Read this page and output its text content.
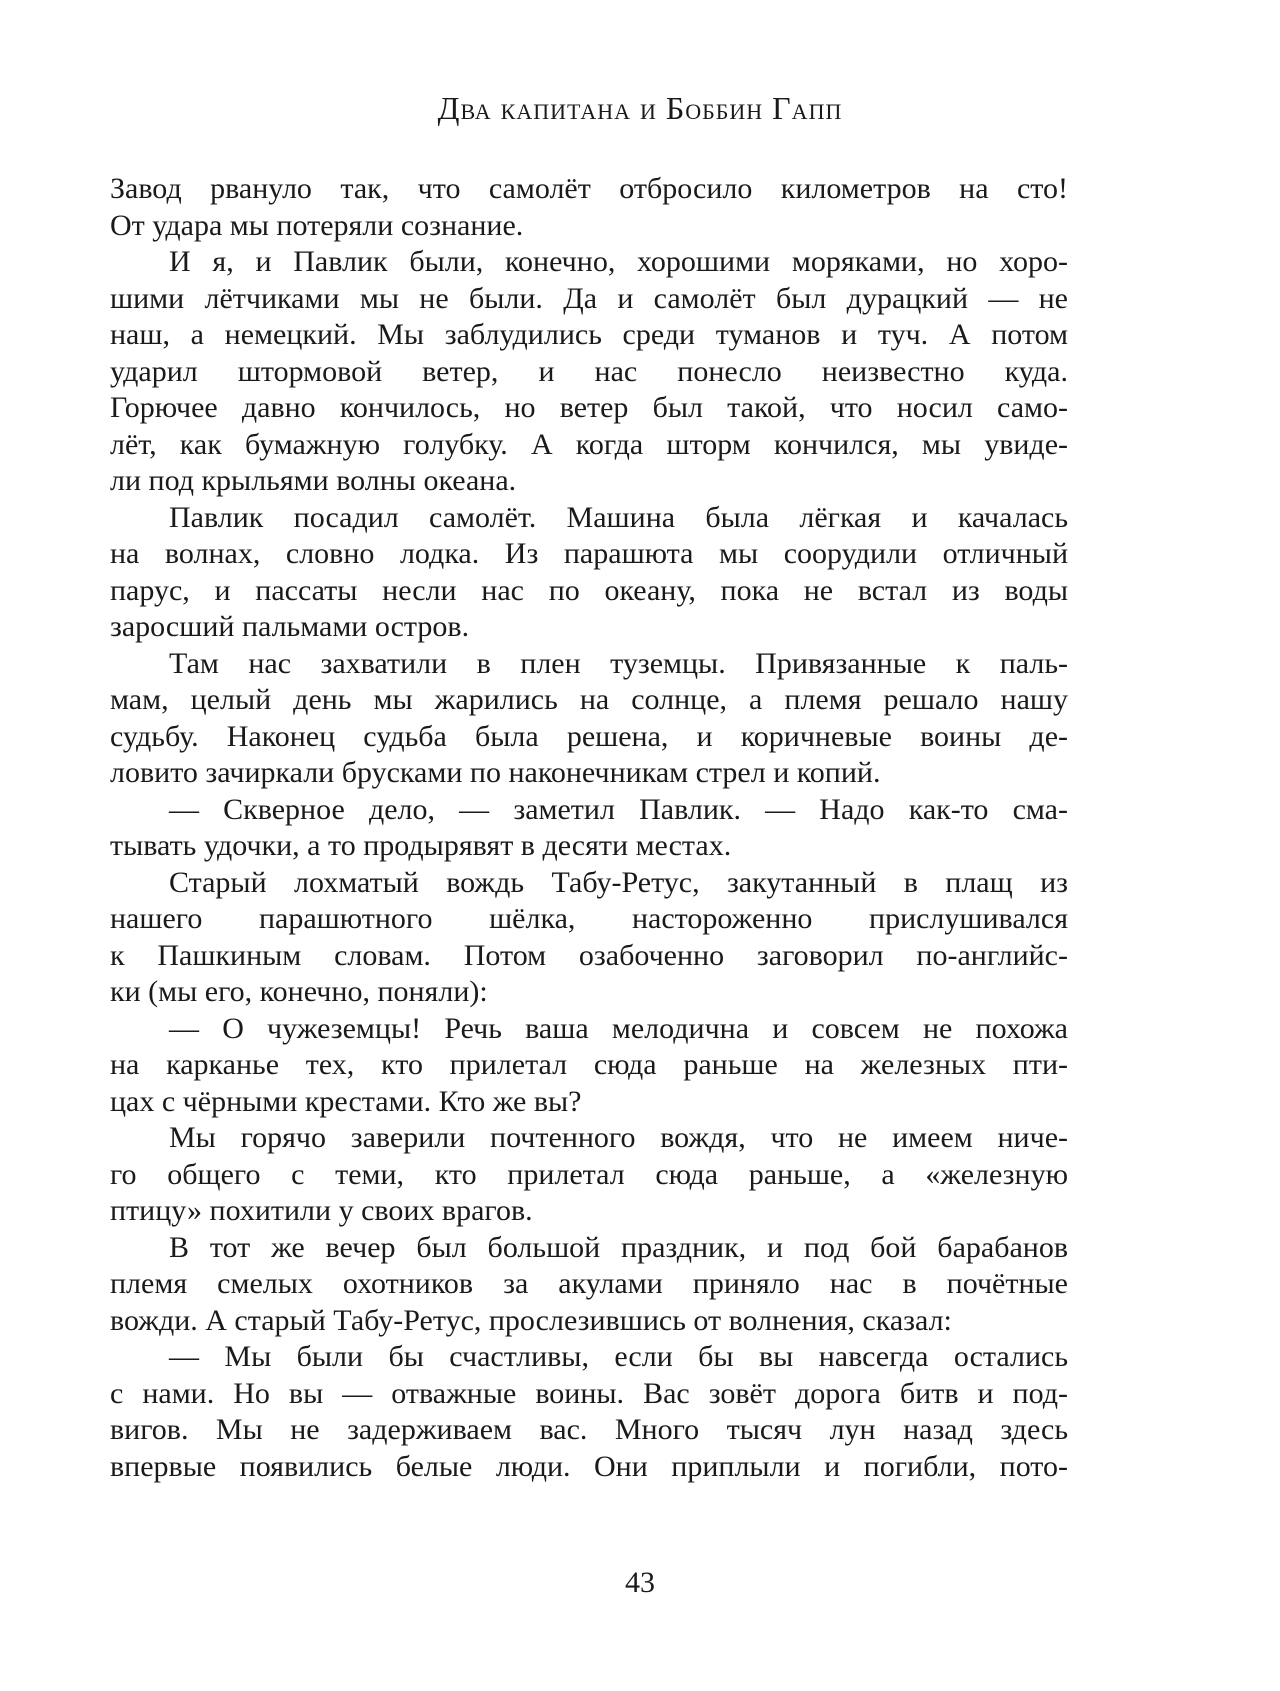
Два капитана и Боббин Гапп
Завод рвануло так, что самолёт отбросило километров на сто!
От удара мы потеряли сознание.
И я, и Павлик были, конечно, хорошими моряками, но хоро-
шими лётчиками мы не были. Да и самолёт был дурацкий — не
наш, а немецкий. Мы заблудились среди туманов и туч. А потом
ударил штормовой ветер, и нас понесло неизвестно куда.
Горючее давно кончилось, но ветер был такой, что носил само-
лёт, как бумажную голубку. А когда шторм кончился, мы увиде-
ли под крыльями волны океана.
Павлик посадил самолёт. Машина была лёгкая и качалась
на волнах, словно лодка. Из парашюта мы соорудили отличный
парус, и пассаты несли нас по океану, пока не встал из воды
заросший пальмами остров.
Там нас захватили в плен туземцы. Привязанные к паль-
мам, целый день мы жарились на солнце, а племя решало нашу
судьбу. Наконец судьба была решена, и коричневые воины де-
ловито зачиркали брусками по наконечникам стрел и копий.
— Скверное дело, — заметил Павлик. — Надо как-то сма-
тывать удочки, а то продырявят в десяти местах.
Старый лохматый вождь Табу-Ретус, закутанный в плащ из
нашего парашютного шёлка, настороженно прислушивался
к Пашкиным словам. Потом озабоченно заговорил по-английс-
ки (мы его, конечно, поняли):
— О чужеземцы! Речь ваша мелодична и совсем не похожа
на карканье тех, кто прилетал сюда раньше на железных пти-
цах с чёрными крестами. Кто же вы?
Мы горячо заверили почтенного вождя, что не имеем ниче-
го общего с теми, кто прилетал сюда раньше, а «железную
птицу» похитили у своих врагов.
В тот же вечер был большой праздник, и под бой барабанов
племя смелых охотников за акулами приняло нас в почётные
вожди. А старый Табу-Ретус, прослезившись от волнения, сказал:
— Мы были бы счастливы, если бы вы навсегда остались
с нами. Но вы — отважные воины. Вас зовёт дорога битв и под-
вигов. Мы не задерживаем вас. Много тысяч лун назад здесь
впервые появились белые люди. Они приплыли и погибли, пото-
43
